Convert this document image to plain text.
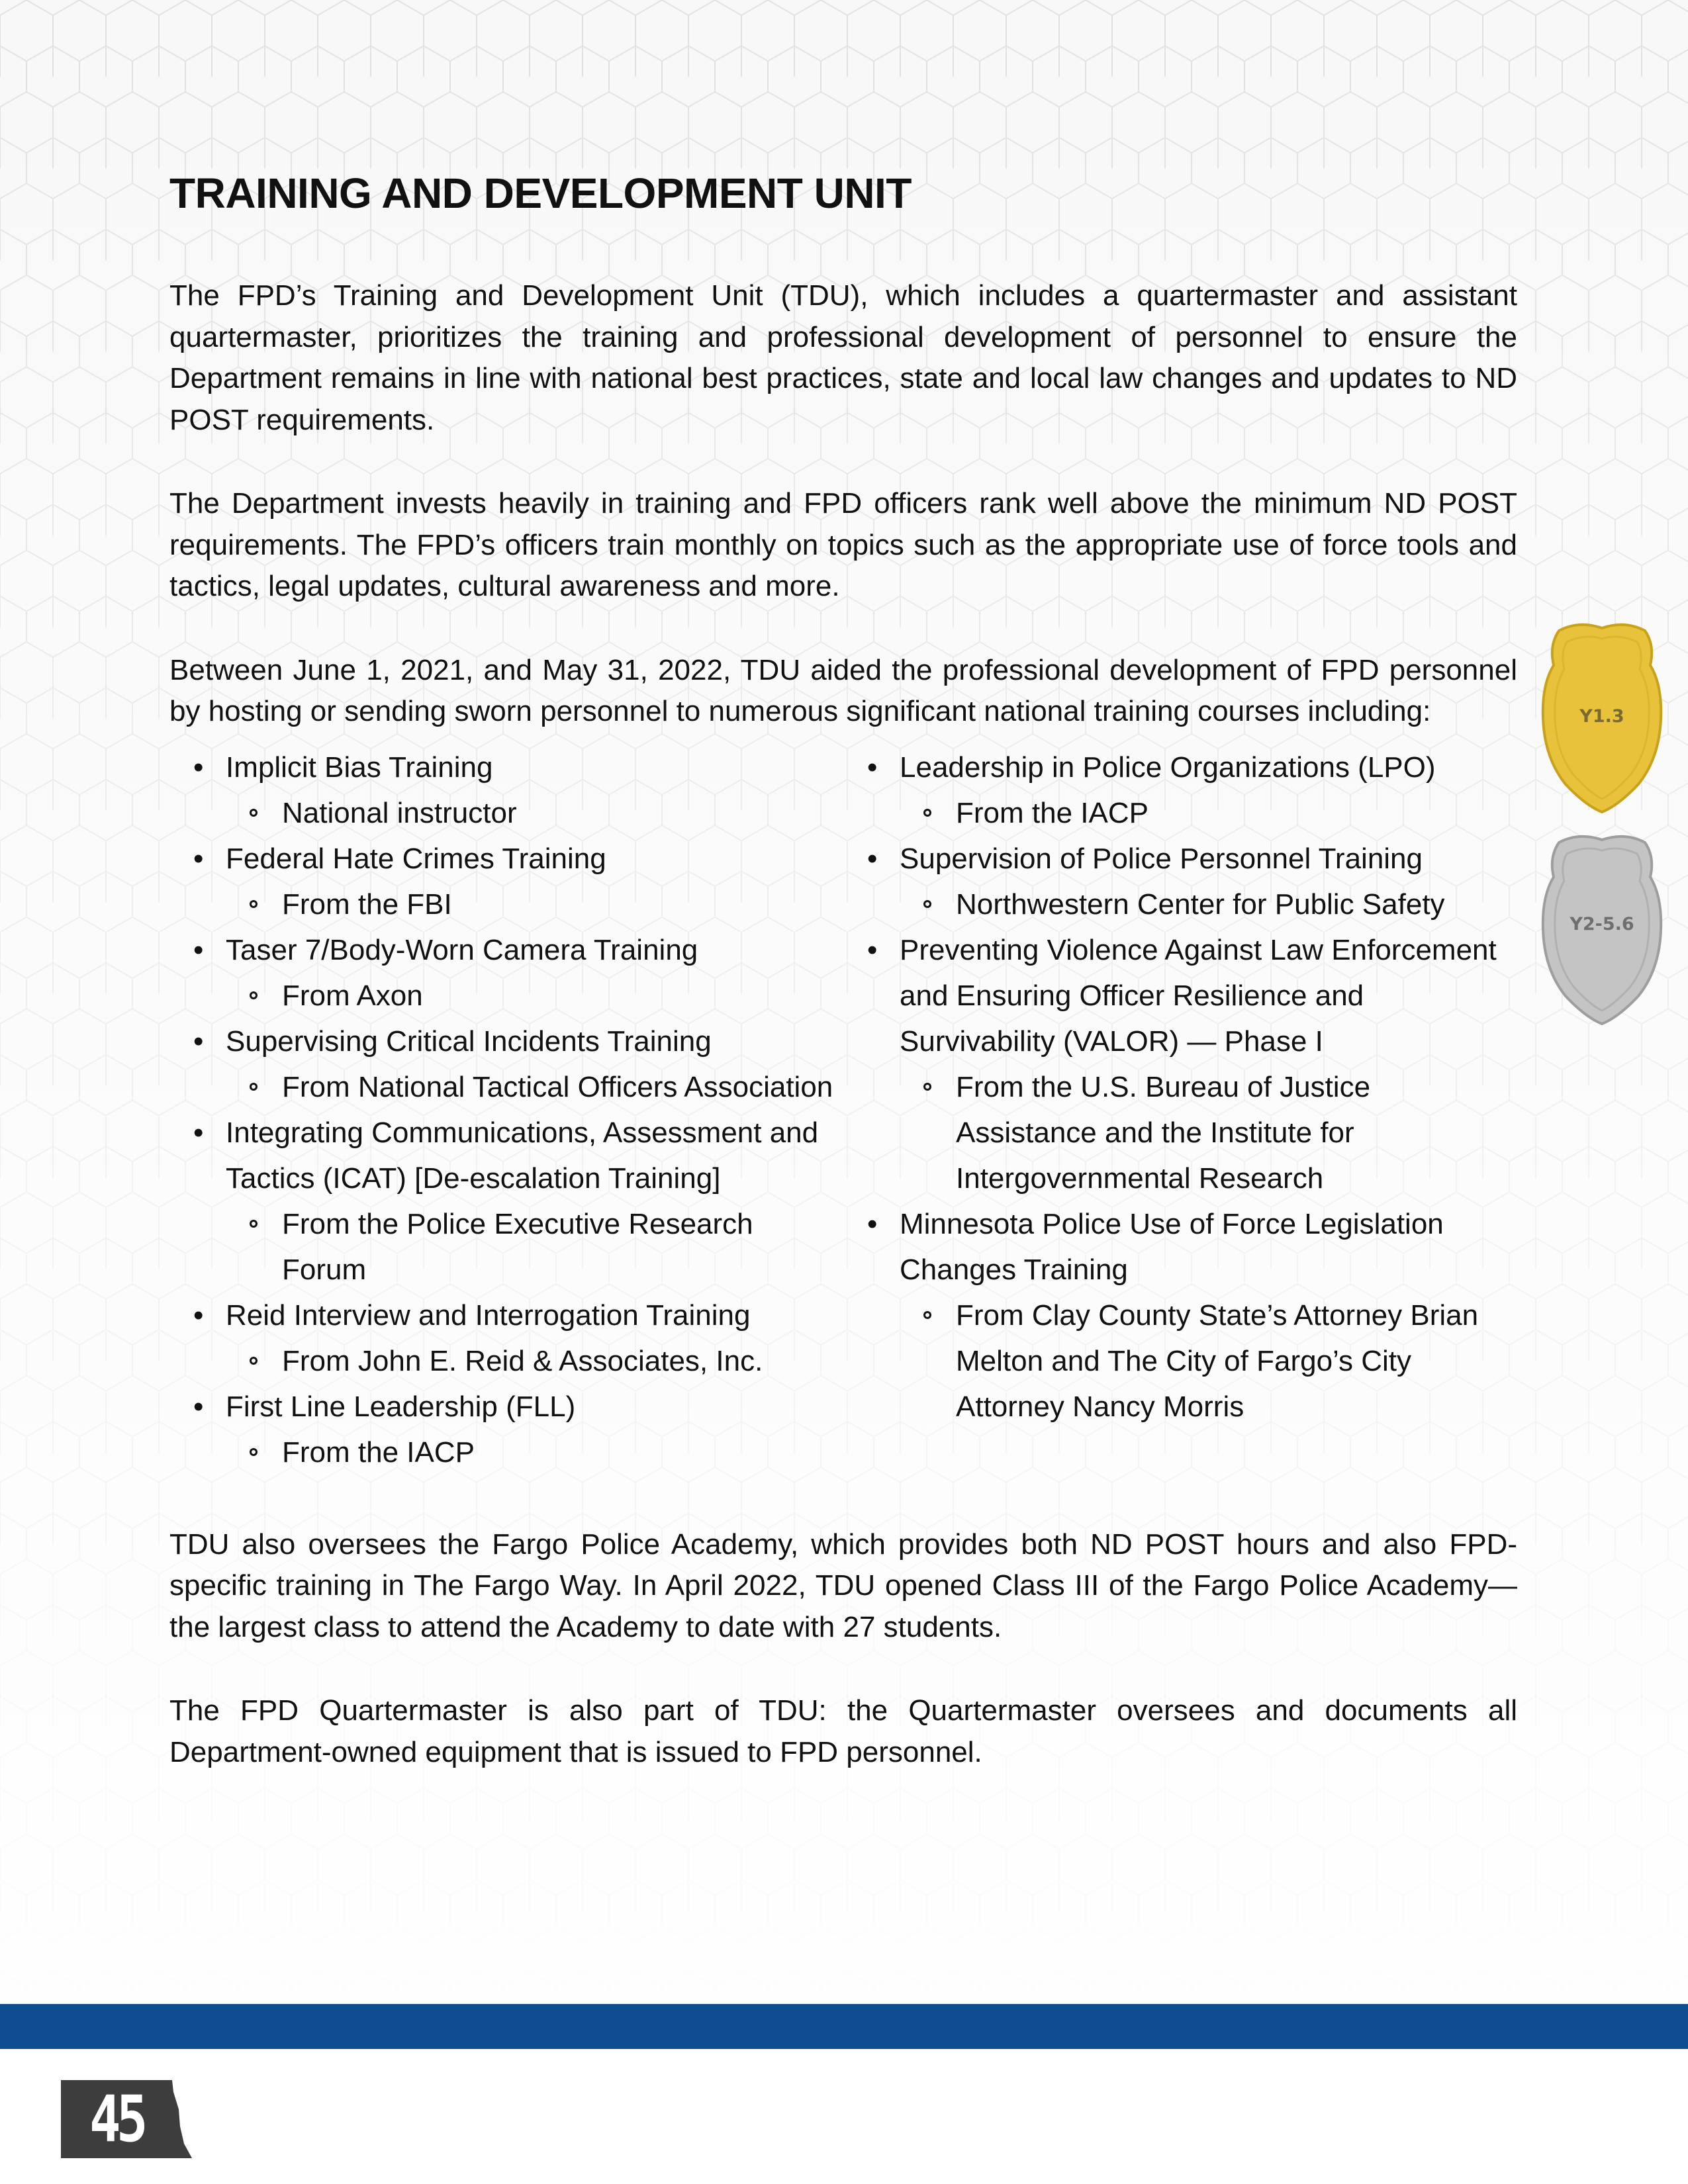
TRAINING AND DEVELOPMENT UNIT

The FPD’s Training and Development Unit (TDU), which includes a quartermaster and assistant quartermaster, prioritizes the training and professional development of personnel to ensure the Department remains in line with national best practices, state and local law changes and updates to ND POST requirements.

The Department invests heavily in training and FPD officers rank well above the minimum ND POST requirements. The FPD’s officers train monthly on topics such as the appropriate use of force tools and tactics, legal updates, cultural awareness and more.

Between June 1, 2021, and May 31, 2022, TDU aided the professional development of FPD personnel by hosting or sending sworn personnel to numerous significant national training courses including:

• Implicit Bias Training
National instructor
• Federal Hate Crimes Training
From the FBI
• Taser 7/Body-Worn Camera Training
From Axon
• Supervising Critical Incidents Training
From National Tactical Officers Association
• Integrating Communications, Assessment and Tactics (ICAT) [De-escalation Training]
From the Police Executive Research Forum
• Reid Interview and Interrogation Training
From John E. Reid & Associates, Inc.
• First Line Leadership (FLL)
From the IACP
• Leadership in Police Organizations (LPO)
From the IACP
• Supervision of Police Personnel Training
Northwestern Center for Public Safety
• Preventing Violence Against Law Enforcement and Ensuring Officer Resilience and Survivability (VALOR) — Phase I
From the U.S. Bureau of Justice Assistance and the Institute for Intergovernmental Research
• Minnesota Police Use of Force Legislation Changes Training
From Clay County State’s Attorney Brian Melton and The City of Fargo’s City Attorney Nancy Morris

TDU also oversees the Fargo Police Academy, which provides both ND POST hours and also FPD-specific training in The Fargo Way. In April 2022, TDU opened Class III of the Fargo Police Academy—the largest class to attend the Academy to date with 27 students.

The FPD Quartermaster is also part of TDU: the Quartermaster oversees and documents all Department-owned equipment that is issued to FPD personnel.

Y1.3
Y2-5.6
45
